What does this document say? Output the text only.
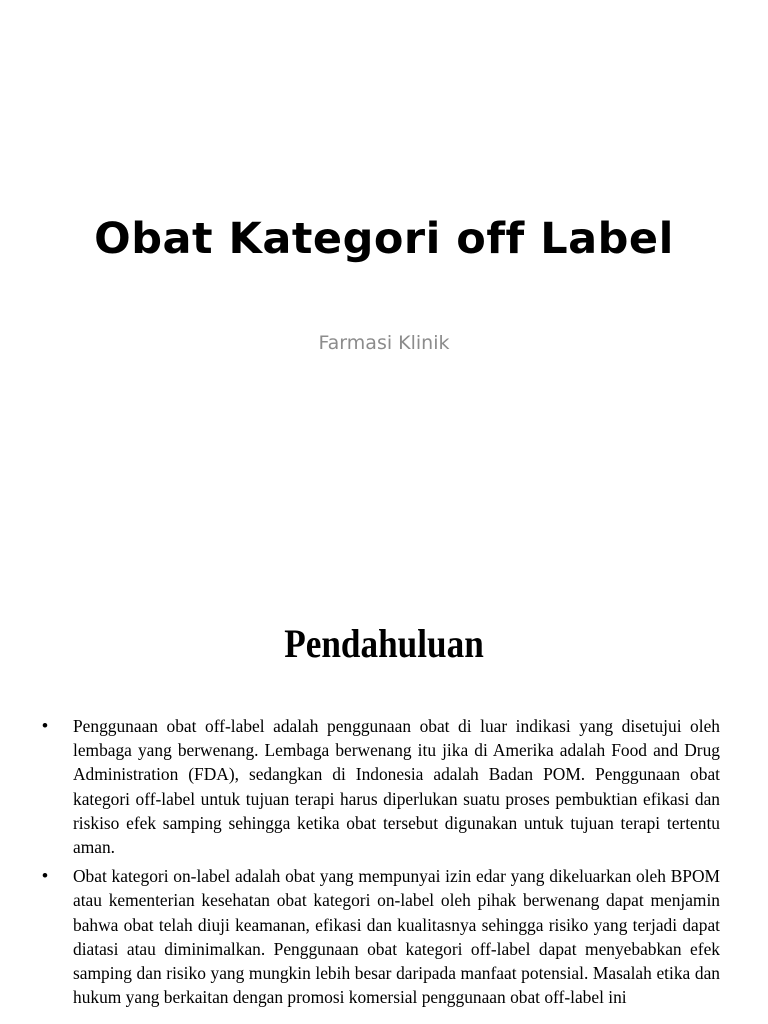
Obat Kategori off Label

Farmasi Klinik

Pendahuluan
• Penggunaan obat off-label adalah penggunaan obat di luar indikasi yang disetujui oleh lembaga yang berwenang. Lembaga berwenang itu jika di Amerika adalah Food and Drug Administration (FDA), sedangkan di Indonesia adalah Badan POM. Penggunaan obat kategori off-label untuk tujuan terapi harus diperlukan suatu proses pembuktian efikasi dan riskiso efek samping sehingga ketika obat tersebut digunakan untuk tujuan terapi tertentu aman.
• Obat kategori on-label adalah obat yang mempunyai izin edar yang dikeluarkan oleh BPOM atau kementerian kesehatan obat kategori on-label oleh pihak berwenang dapat menjamin bahwa obat telah diuji keamanan, efikasi dan kualitasnya sehingga risiko yang terjadi dapat diatasi atau diminimalkan. Penggunaan obat kategori off-label dapat menyebabkan efek samping dan risiko yang mungkin lebih besar daripada manfaat potensial. Masalah etika dan hukum yang berkaitan dengan promosi komersial penggunaan obat off-label ini
